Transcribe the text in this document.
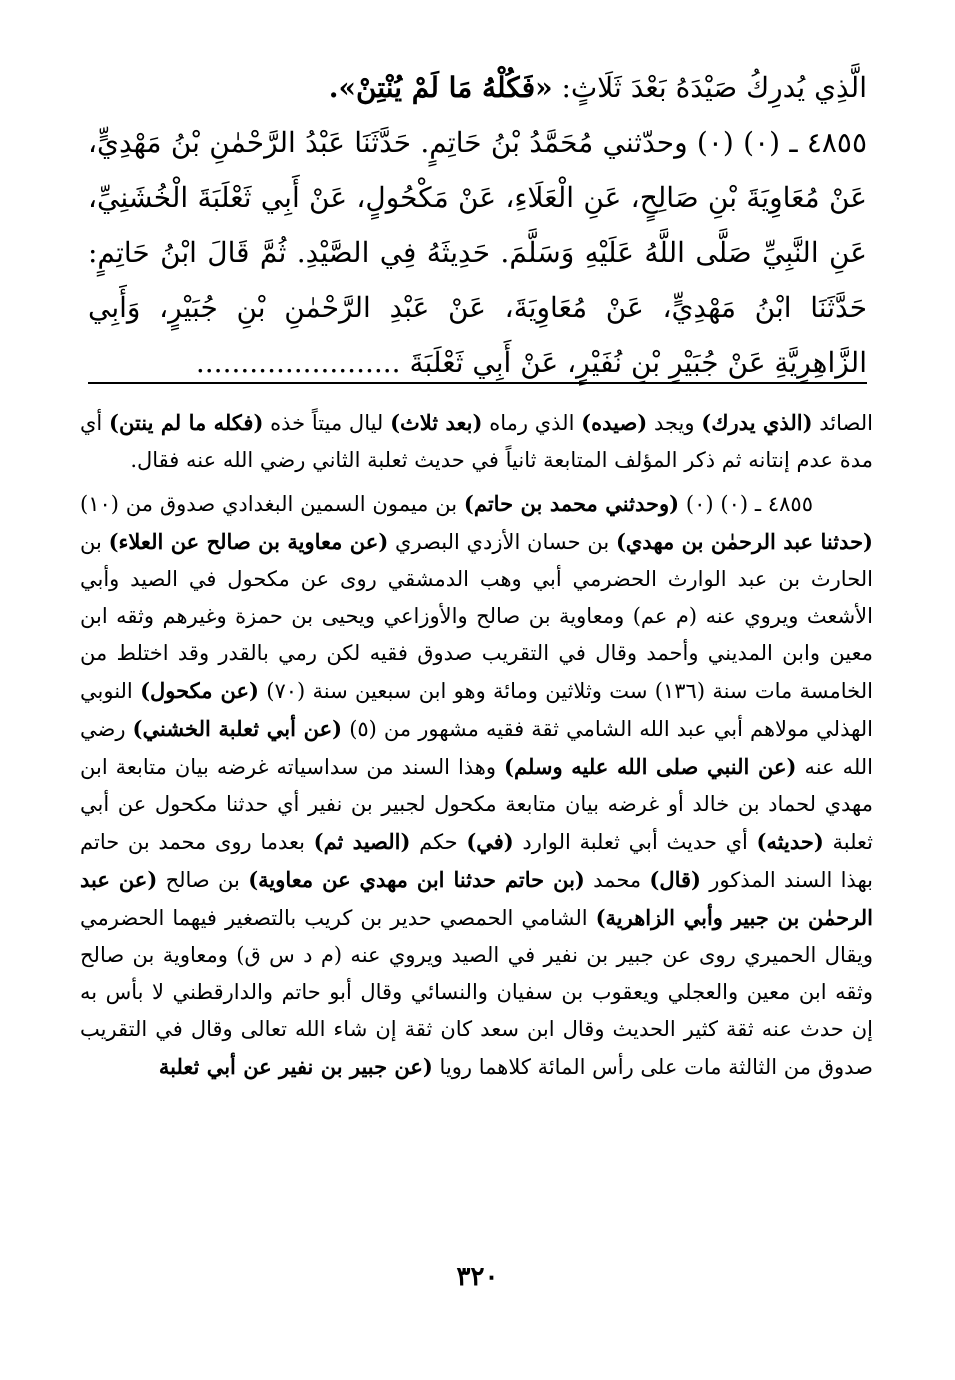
الَّذِي يُدرِكُ صَيْدَهُ بَعْدَ ثَلَاثٍ: «فَكُلْهُ مَا لَمْ يُنْتِنْ».

٤٨٥٥ ـ (٠) (٠) وحدّثني مُحَمَّدُ بْنُ حَاتِمٍ. حَدَّثَنَا عَبْدُ الرَّحْمٰنِ بْنُ مَهْدِيٍّ، عَنْ مُعَاوِيَةَ بْنِ صَالِحٍ، عَنِ الْعَلَاءِ، عَنْ مَكْحُولٍ، عَنْ أَبِي ثَعْلَبَةَ الْخُشَنِيِّ، عَنِ النَّبِيِّ صَلَّى اللَّهُ عَلَيْهِ وَسَلَّمَ. حَدِيثَهُ فِي الصَّيْدِ. ثُمَّ قَالَ ابْنُ حَاتِمٍ: حَدَّثَنَا ابْنُ مَهْدِيٍّ، عَنْ مُعَاوِيَةَ، عَنْ عَبْدِ الرَّحْمٰنِ بْنِ جُبَيْرٍ، وَأَبِي الزَّاهِرِيَّةِ عَنْ جُبَيْرِ بْنِ نُفَيْرٍ، عَنْ أَبِي ثَعْلَبَةَ .......................

الصائد (الذي يدرك) ويجد (صيده) الذي رماه (بعد ثلاث) ليال ميتاً خذه (فكله ما لم ينتن) أي مدة عدم إنتانه ثم ذكر المؤلف المتابعة ثانياً في حديث ثعلبة الثاني رضي الله عنه فقال.

٤٨٥٥ ـ (٠) (٠) (وحدثني محمد بن حاتم) بن ميمون السمين البغدادي صدوق من (١٠) (حدثنا عبد الرحمٰن بن مهدي) بن حسان الأزدي البصري (عن معاوية بن صالح عن العلاء) بن الحارث بن عبد الوارث الحضرمي أبي وهب الدمشقي روى عن مكحول في الصيد وأبي الأشعث ويروي عنه (م عم) ومعاوية بن صالح والأوزاعي ويحيى بن حمزة وغيرهم وثقه ابن معين وابن المديني وأحمد وقال في التقريب صدوق فقيه لكن رمي بالقدر وقد اختلط من الخامسة مات سنة (١٣٦) ست وثلاثين ومائة وهو ابن سبعين سنة (٧٠) (عن مكحول) النوبي الهذلي مولاهم أبي عبد الله الشامي ثقة فقيه مشهور من (٥) (عن أبي ثعلبة الخشني) رضي الله عنه (عن النبي صلى الله عليه وسلم) وهذا السند من سداسياته غرضه بيان متابعة ابن مهدي لحماد بن خالد أو غرضه بيان متابعة مكحول لجبير بن نفير أي حدثنا مكحول عن أبي ثعلبة (حديثه) أي حديث أبي ثعلبة الوارد (في) حكم (الصيد ثم) بعدما روى محمد بن حاتم بهذا السند المذكور (قال) محمد (بن حاتم حدثنا ابن مهدي عن معاوية) بن صالح (عن عبد الرحمٰن بن جبير وأبي الزاهرية) الشامي الحمصي حدير بن كريب بالتصغير فيهما الحضرمي ويقال الحميري روى عن جبير بن نفير في الصيد ويروي عنه (م د س ق) ومعاوية بن صالح وثقه ابن معين والعجلي ويعقوب بن سفيان والنسائي وقال أبو حاتم والدارقطني لا بأس به إن حدث عنه ثقة كثير الحديث وقال ابن سعد كان ثقة إن شاء الله تعالى وقال في التقريب صدوق من الثالثة مات على رأس المائة كلاهما رويا (عن جبير بن نفير عن أبي ثعلبة

٣٢٠
